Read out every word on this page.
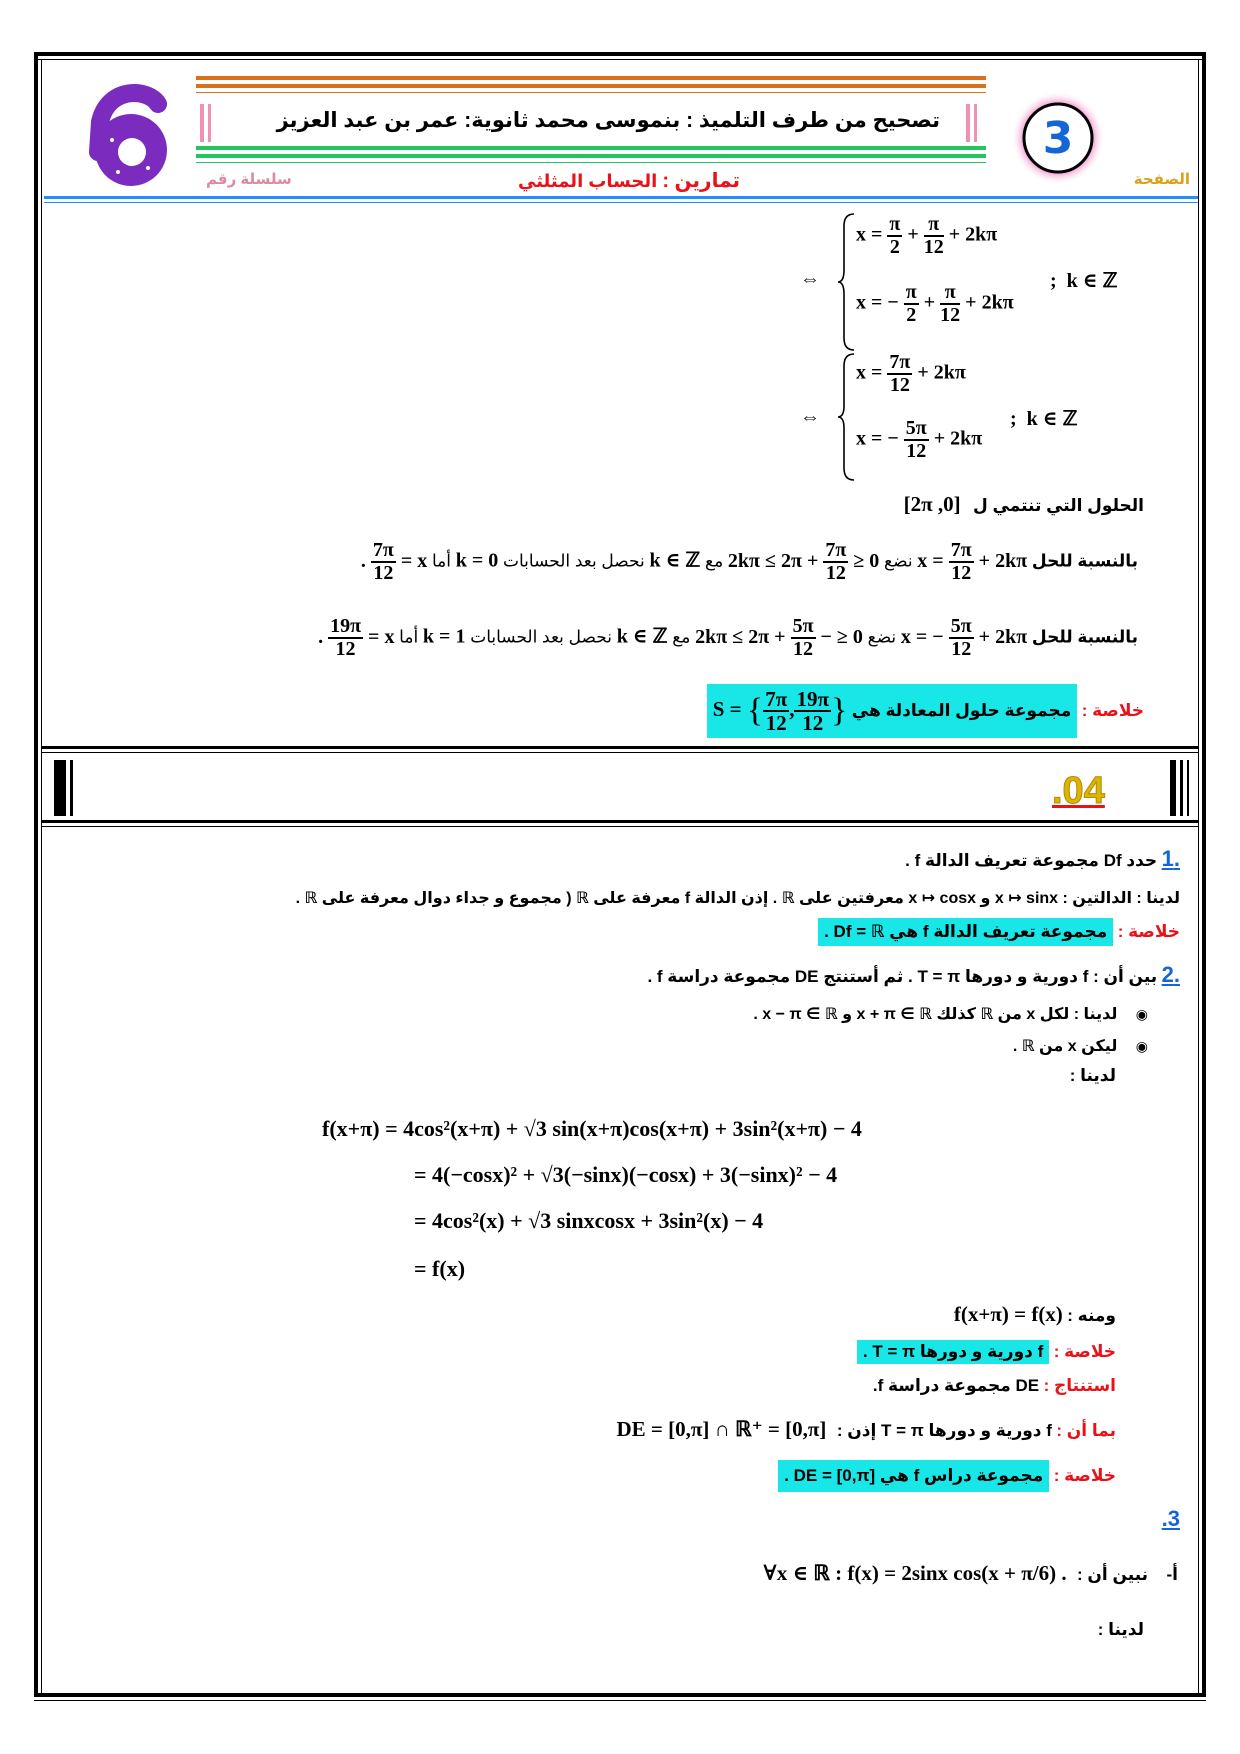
3
تصحيح من طرف التلميذ : بنموسى محمد ثانوية: عمر بن عبد العزيز
الصفحة
سلسلة رقم	تمارين : الحساب المثلثي
⇔
$x = \frac{\pi}{2} + \frac{\pi}{12} + 2k\pi$
x = − $\frac{\pi}{2} + \frac{\pi}{12} + 2k\pi$
;  k ∈ ℤ
⇔
$x = \frac{7\pi}{12} + 2k\pi$
x = − $\frac{5\pi}{12} + 2k\pi$
;  k ∈ ℤ
الحلول التي تنتمي ل [0, 2π]
بالنسبة للحل $x = \frac{7\pi}{12} + 2k\pi$ نضع 0 ≤
$\frac{7\pi}{12}$
+ 2kπ ≤ 2π مع k ∈ ℤ نحصل بعد الحسابات k = 0 أما x =
$\frac{7\pi}{12}$
.
بالنسبة للحل x = − $\frac{5\pi}{12} + 2k\pi$ نضع 0 ≤ −
$\frac{5\pi}{12}$
+ 2kπ ≤ 2π مع k ∈ ℤ نحصل بعد الحسابات k = 1 أما x =
$\frac{19\pi}{12}$
.
خلاصة : مجموعة حلول المعادلة هي S = { $\frac{7\pi}{12}$ , $\frac{19\pi}{12}$ }
.04
.1 حدد Df مجموعة تعريف الدالة f .
لدينا : الدالتين : x ↦ sinx و x ↦ cosx معرفتين على ℝ . إذن الدالة f معرفة على ℝ ( مجموع و جداء دوال معرفة على ℝ .
خلاصة : مجموعة تعريف الدالة f هي Df = ℝ .
.2 بين أن : f دورية و دورها T = π . ثم أستنتج DE مجموعة دراسة f .
◉ لدينا : لكل x من ℝ كذلك x + π ∈ ℝ و x − π ∈ ℝ .
◉ ليكن x من ℝ .
لدينا :
f(x+π) = 4cos²(x+π) + √3 sin(x+π)cos(x+π) + 3sin²(x+π) − 4
= 4(−cosx)² + √3(−sinx)(−cosx) + 3(−sinx)² − 4
= 4cos²(x) + √3 sinxcosx + 3sin²(x) − 4
= f(x)
ومنه : f(x+π) = f(x)
خلاصة : f دورية و دورها T = π .
استنتاج : DE مجموعة دراسة f.
بما أن : f دورية و دورها T = π إذن : DE = [0,π] ∩ ℝ⁺ = [0,π]
خلاصة : مجموعة دراس f هي DE = [0,π] .
.3
أ- نبين أن : ∀x ∈ ℝ : f(x) = 2sinx cos(x + π/6) .
لدينا :
